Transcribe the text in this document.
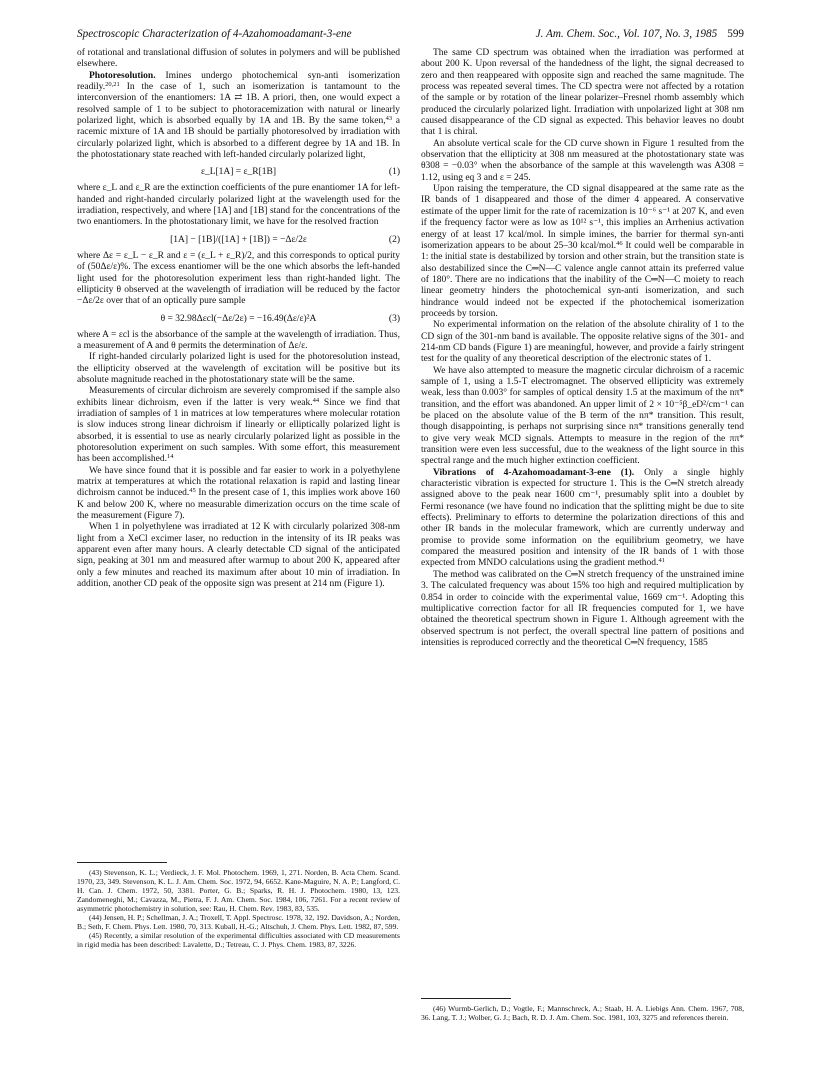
Spectroscopic Characterization of 4-Azahomoadamant-3-ene	J. Am. Chem. Soc., Vol. 107, No. 3, 1985 599

of rotational and translational diffusion of solutes in polymers and will be published elsewhere.

Photoresolution. Imines undergo photochemical syn-anti isomerization readily.$^{20,21}$ In the case of 1, such an isomerization is tantamount to the interconversion of the enantiomers: 1A ⇄ 1B. A priori, then, one would expect a resolved sample of 1 to be subject to photoracemization with natural or linearly polarized light, which is absorbed equally by 1A and 1B. By the same token,$^{43}$ a racemic mixture of 1A and 1B should be partially photoresolved by irradiation with circularly polarized light, which is absorbed to a different degree by 1A and 1B. In the photostationary state reached with left-handed circularly polarized light,

ε_L[1A] = ε_R[1B]	(1)

where ε_L and ε_R are the extinction coefficients of the pure enantiomer 1A for left-handed and right-handed circularly polarized light at the wavelength used for the irradiation, respectively, and where [1A] and [1B] stand for the concentrations of the two enantiomers. In the photostationary limit, we have for the resolved fraction

[1A] − [1B]/([1A] + [1B]) = −Δε/2ε	(2)

where Δε = ε_L − ε_R and ε = (ε_L + ε_R)/2, and this corresponds to optical purity of (50Δε/ε)%. The excess enantiomer will be the one which absorbs the left-handed light used for the photoresolution experiment less than right-handed light. The ellipticity θ observed at the wavelength of irradiation will be reduced by the factor −Δε/2ε over that of an optically pure sample

θ = 32.98Δεcl(−Δε/2ε) = −16.49(Δε/ε)²A	(3)

where A = εcl is the absorbance of the sample at the wavelength of irradiation. Thus, a measurement of A and θ permits the determination of Δε/ε.

If right-handed circularly polarized light is used for the photoresolution instead, the ellipticity observed at the wavelength of excitation will be positive but its absolute magnitude reached in the photostationary state will be the same.

Measurements of circular dichroism are severely compromised if the sample also exhibits linear dichroism, even if the latter is very weak.$^{44}$ Since we find that irradiation of samples of 1 in matrices at low temperatures where molecular rotation is slow induces strong linear dichroism if linearly or elliptically polarized light is absorbed, it is essential to use as nearly circularly polarized light as possible in the photoresolution experiment on such samples. With some effort, this measurement has been accomplished.$^{14}$

We have since found that it is possible and far easier to work in a polyethylene matrix at temperatures at which the rotational relaxation is rapid and lasting linear dichroism cannot be induced.$^{45}$ In the present case of 1, this implies work above 160 K and below 200 K, where no measurable dimerization occurs on the time scale of the measurement (Figure 7).

When 1 in polyethylene was irradiated at 12 K with circularly polarized 308-nm light from a XeCl excimer laser, no reduction in the intensity of its IR peaks was apparent even after many hours. A clearly detectable CD signal of the anticipated sign, peaking at 301 nm and measured after warmup to about 200 K, appeared after only a few minutes and reached its maximum after about 10 min of irradiation. In addition, another CD peak of the opposite sign was present at 214 nm (Figure 1).

(43) Stevenson, K. L.; Verdieck, J. F. Mol. Photochem. 1969, 1, 271. Norden, B. Acta Chem. Scand. 1970, 23, 349. Stevenson, K. L. J. Am. Chem. Soc. 1972, 94, 6652. Kane-Maguire, N. A. P.; Langford, C. H. Can. J. Chem. 1972, 50, 3381. Porter, G. B.; Sparks, R. H. J. Photochem. 1980, 13, 123. Zandomeneghi, M.; Cavazza, M., Pietra, F. J. Am. Chem. Soc. 1984, 106, 7261. For a recent review of asymmetric photochemistry in solution, see: Rau, H. Chem. Rev. 1983, 83, 535.

(44) Jensen, H. P.; Schellman, J. A.; Troxell, T. Appl. Spectrosc. 1978, 32, 192. Davidson, A.; Norden, B.; Seth, F. Chem. Phys. Lett. 1980, 70, 313. Kuball, H.-G.; Altschuh, J. Chem. Phys. Lett. 1982, 87, 599.

(45) Recently, a similar resolution of the experimental difficulties associated with CD measurements in rigid media has been described: Lavalette, D.; Tetreau, C. J. Phys. Chem. 1983, 87, 3226.

The same CD spectrum was obtained when the irradiation was performed at about 200 K. Upon reversal of the handedness of the light, the signal decreased to zero and then reappeared with opposite sign and reached the same magnitude. The process was repeated several times. The CD spectra were not affected by a rotation of the sample or by rotation of the linear polarizer–Fresnel rhomb assembly which produced the circularly polarized light. Irradiation with unpolarized light at 308 nm caused disappearance of the CD signal as expected. This behavior leaves no doubt that 1 is chiral.

An absolute vertical scale for the CD curve shown in Figure 1 resulted from the observation that the ellipticity at 308 nm measured at the photostationary state was θ308 = −0.03° when the absorbance of the sample at this wavelength was A308 = 1.12, using eq 3 and ε = 245.

Upon raising the temperature, the CD signal disappeared at the same rate as the IR bands of 1 disappeared and those of the dimer 4 appeared. A conservative estimate of the upper limit for the rate of racemization is 10⁻⁶ s⁻¹ at 207 K, and even if the frequency factor were as low as 10¹² s⁻¹, this implies an Arrhenius activation energy of at least 17 kcal/mol. In simple imines, the barrier for thermal syn-anti isomerization appears to be about 25–30 kcal/mol.$^{46}$ It could well be comparable in 1: the initial state is destabilized by torsion and other strain, but the transition state is also destabilized since the C═N—C valence angle cannot attain its preferred value of 180°. There are no indications that the inability of the C═N—C moiety to reach linear geometry hinders the photochemical syn-anti isomerization, and such hindrance would indeed not be expected if the photochemical isomerization proceeds by torsion.

No experimental information on the relation of the absolute chirality of 1 to the CD sign of the 301-nm band is available. The opposite relative signs of the 301- and 214-nm CD bands (Figure 1) are meaningful, however, and provide a fairly stringent test for the quality of any theoretical description of the electronic states of 1.

We have also attempted to measure the magnetic circular dichroism of a racemic sample of 1, using a 1.5-T electromagnet. The observed ellipticity was extremely weak, less than 0.003° for samples of optical density 1.5 at the maximum of the nπ* transition, and the effort was abandoned. An upper limit of 2 × 10⁻⁵β_eD²/cm⁻¹ can be placed on the absolute value of the B term of the nπ* transition. This result, though disappointing, is perhaps not surprising since nπ* transitions generally tend to give very weak MCD signals. Attempts to measure in the region of the ππ* transition were even less successful, due to the weakness of the light source in this spectral range and the much higher extinction coefficient.

Vibrations of 4-Azahomoadamant-3-ene (1). Only a single highly characteristic vibration is expected for structure 1. This is the C═N stretch already assigned above to the peak near 1600 cm⁻¹, presumably split into a doublet by Fermi resonance (we have found no indication that the splitting might be due to site effects). Preliminary to efforts to determine the polarization directions of this and other IR bands in the molecular framework, which are currently underway and promise to provide some information on the equilibrium geometry, we have compared the measured position and intensity of the IR bands of 1 with those expected from MNDO calculations using the gradient method.$^{41}$

The method was calibrated on the C═N stretch frequency of the unstrained imine 3. The calculated frequency was about 15% too high and required multiplication by 0.854 in order to coincide with the experimental value, 1669 cm⁻¹. Adopting this multiplicative correction factor for all IR frequencies computed for 1, we have obtained the theoretical spectrum shown in Figure 1. Although agreement with the observed spectrum is not perfect, the overall spectral line pattern of positions and intensities is reproduced correctly and the theoretical C═N frequency, 1585

(46) Wurmb-Gerlich, D.; Vogtle, F.; Mannschreck, A.; Staab, H. A. Liebigs Ann. Chem. 1967, 708, 36. Lang, T. J.; Wolber, G. J.; Bach, R. D. J. Am. Chem. Soc. 1981, 103, 3275 and references therein.
